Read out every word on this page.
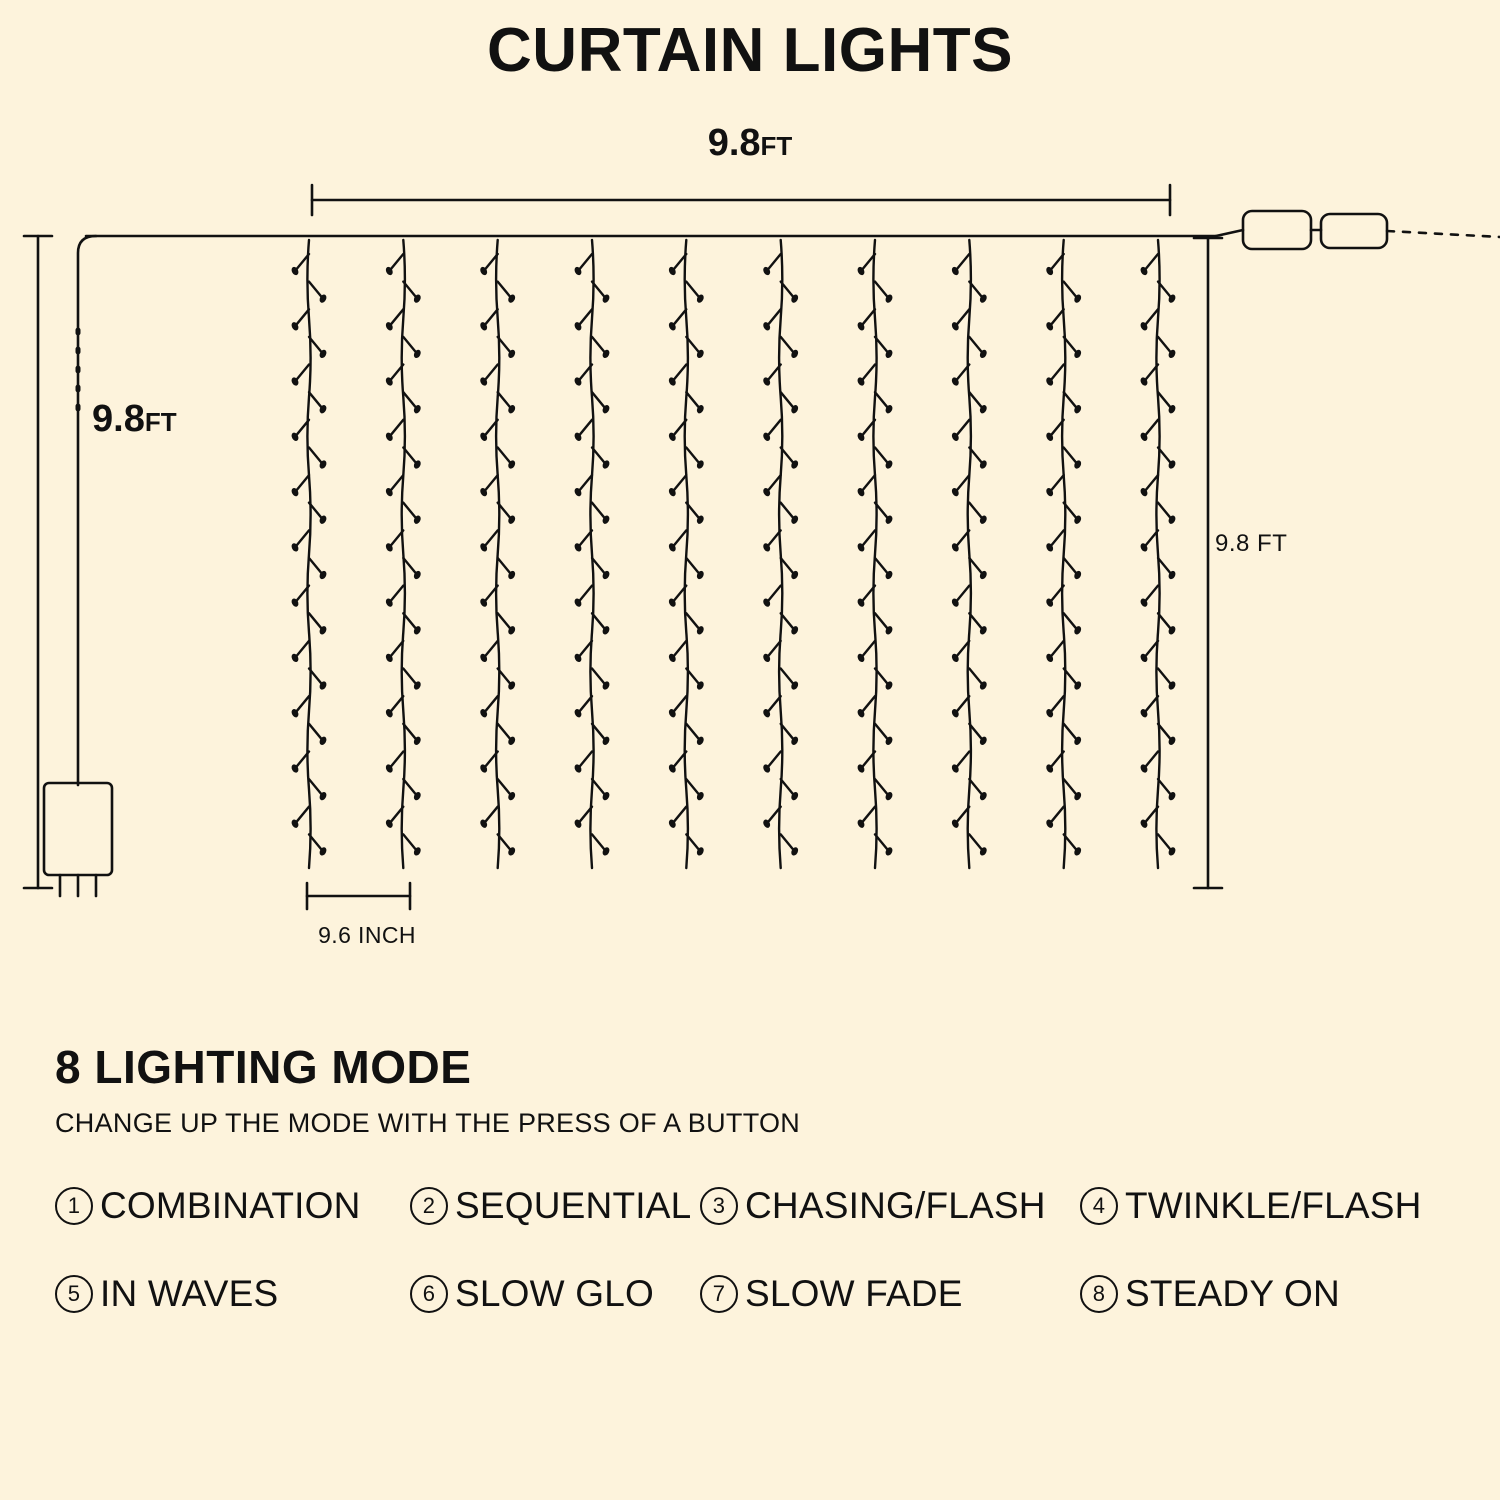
CURTAIN LIGHTS
9.8FT
9.8FT
9.8 FT
9.6 INCH
8 LIGHTING MODE
CHANGE UP THE MODE WITH THE PRESS OF A BUTTON
1 COMBINATION	2 SEQUENTIAL 3 CHASING/FLASH	4 TWINKLE/FLASH
5 IN WAVES	6 SLOW GLO	7 SLOW FADE	8 STEADY ON
